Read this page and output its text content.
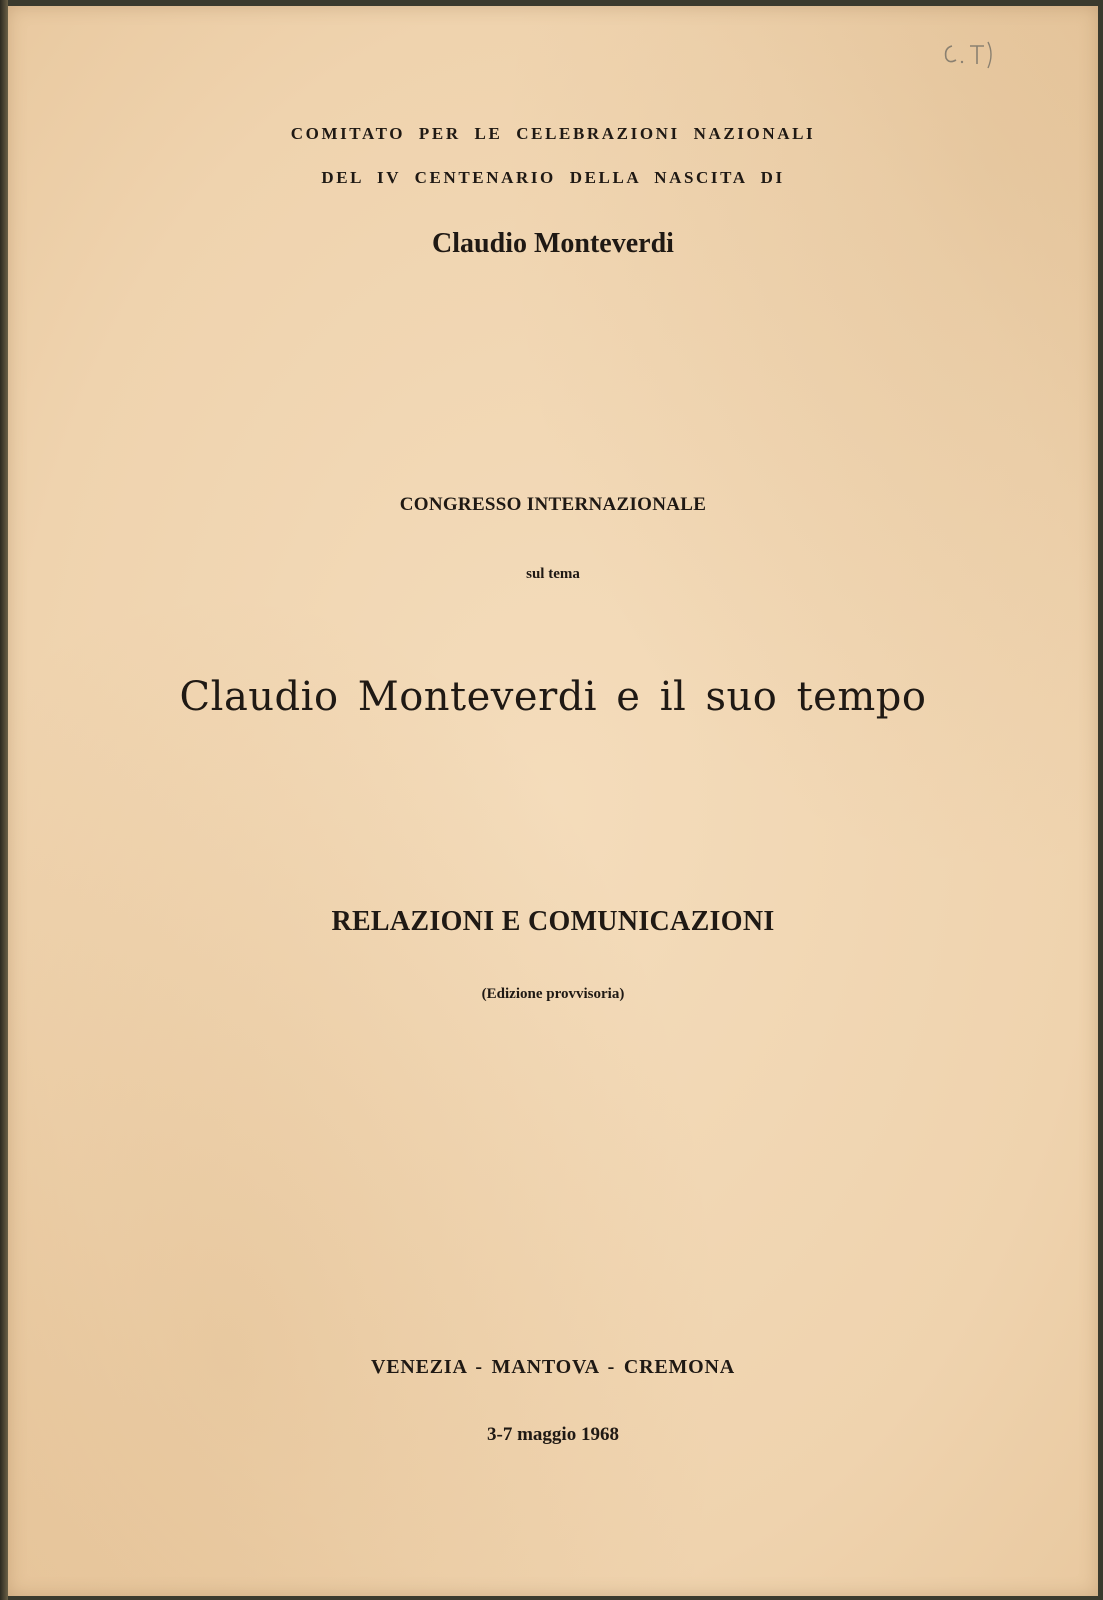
COMITATO PER LE CELEBRAZIONI NAZIONALI
DEL IV CENTENARIO DELLA NASCITA DI
Claudio Monteverdi
CONGRESSO INTERNAZIONALE
sul tema
Claudio Monteverdi e il suo tempo
RELAZIONI E COMUNICAZIONI
(Edizione provvisoria)
VENEZIA - MANTOVA - CREMONA
3-7 maggio 1968
